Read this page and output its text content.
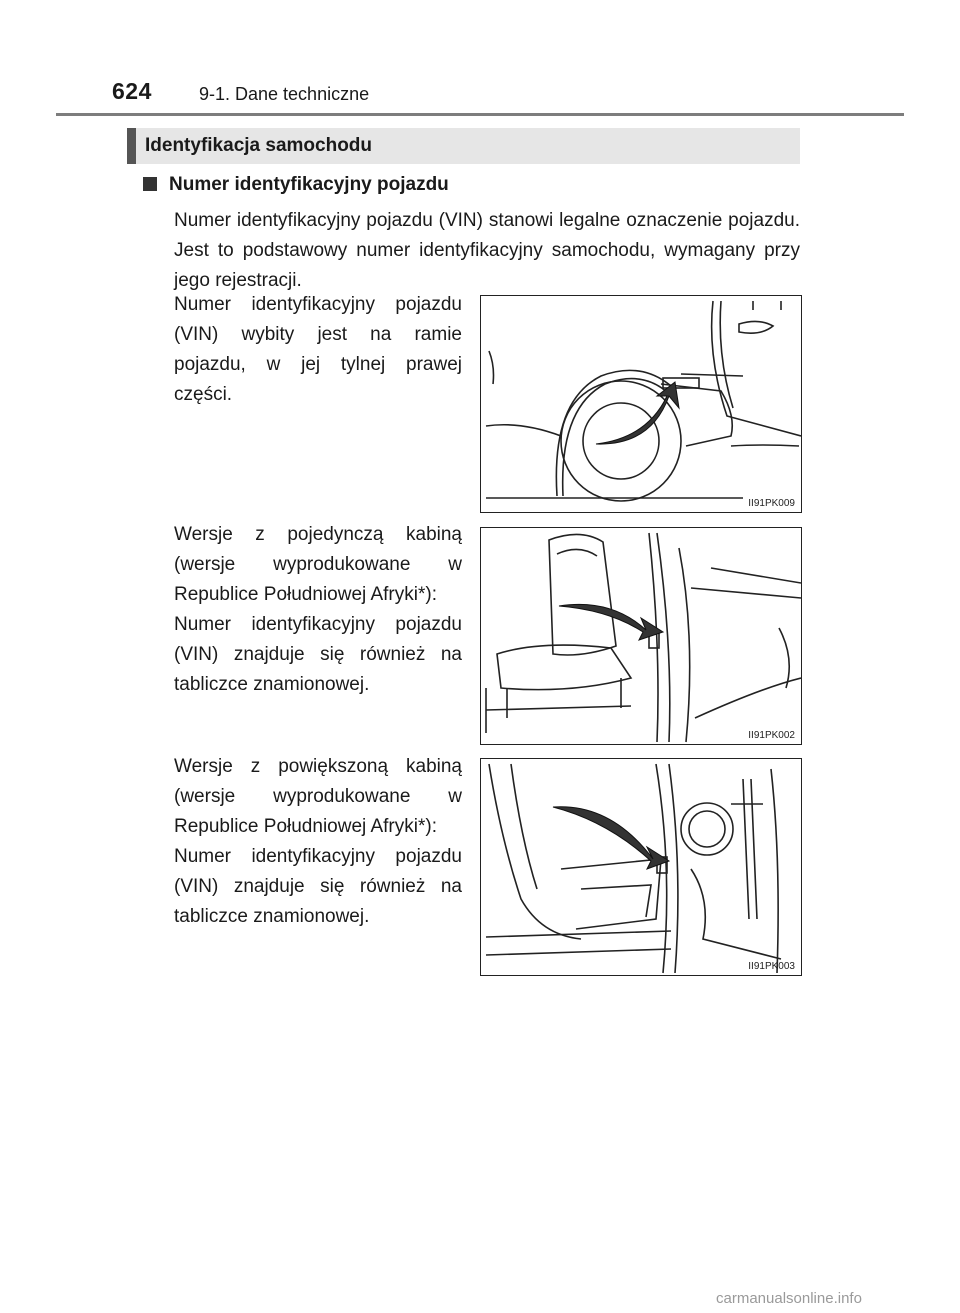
624	9-1. Dane techniczne
Identyfikacja samochodu
Numer identyfikacyjny pojazdu
Numer identyfikacyjny pojazdu (VIN) stanowi legalne oznaczenie pojazdu. Jest to podstawowy numer identyfikacyjny samochodu, wymagany przy jego rejestracji.
Numer identyfikacyjny pojazdu (VIN) wybity jest na ramie pojazdu, w jej tylnej prawej części.
II91PK009
Wersje z pojedynczą kabiną (wersje wyprodukowane w Republice Południowej Afryki*):
Numer identyfikacyjny pojazdu (VIN) znajduje się również na tabliczce znamionowej.
II91PK002
Wersje z powiększoną kabiną (wersje wyprodukowane w Republice Południowej Afryki*):
Numer identyfikacyjny pojazdu (VIN) znajduje się również na tabliczce znamionowej.
II91PK003
carmanualsonline.info
